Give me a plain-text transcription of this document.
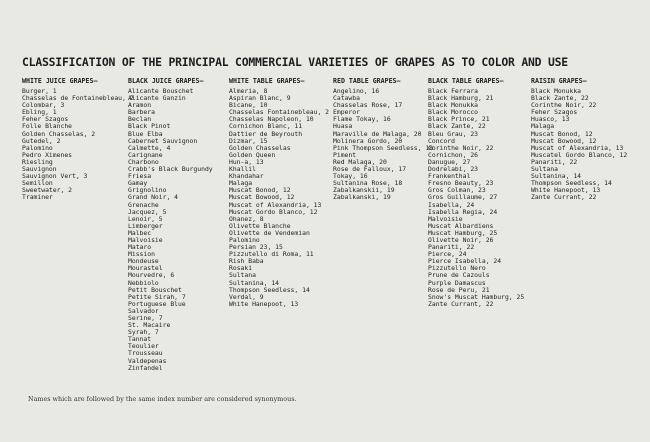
CLASSIFICATION OF THE PRINCIPAL COMMERCIAL VARIETIES OF GRAPES AS TO COLOR AND USE
WHITE JUICE GRAPES—
Burger, 1
Chasselas de Fontainebleau, 2
Colombar, 3
Ebling, 1
Feher Szagos
Folle Blanche
Golden Chasselas, 2
Gutedel, 2
Palomino
Pedro Ximenes
Riesling
Sauvignon
Sauvignon Vert, 3
Semillon
Sweetwater, 2
Traminer
BLACK JUICE GRAPES—
Alicante Bouschet
Alicante Ganzin
Aramon
Barbera
Beclan
Black Pinot
Blue Elba
Cabernet Sauvignon
Calmette, 4
Carignane
Charbono
Crabb's Black Burgundy
Friesa
Gamay
Grignolino
Grand Noir, 4
Grenache
Jacquez, 5
Lenoir, 5
Limberger
Malbec
Malvoisie
Mataro
Mission
Mondeuse
Mourastel
Mourvedre, 6
Nebbiolo
Petit Bouschet
Petite Sirah, 7
Portuguese Blue
Salvador
Serine, 7
St. Macaire
Syrah, 7
Tannat
Teoulier
Trousseau
Valdepenas
Zinfandel
WHITE TABLE GRAPES—
Almeria, 8
Aspiran Blanc, 9
Bicane, 10
Chasselas Fontainebleau, 2
Chasselas Napoleon, 10
Cornichon Blanc, 11
Dattier de Beyrouth
Dizmar, 15
Golden Chasselas
Golden Queen
Hun-a, 13
Khallil
Khandahar
Malaga
Muscat Bonod, 12
Muscat Bowood, 12
Muscat of Alexandria, 13
Muscat Gordo Blanco, 12
Ohanez, 8
Olivette Blanche
Olivette de Vendemian
Palomino
Persian 23, 15
Pizzutello di Roma, 11
Rish Baba
Rosaki
Sultana
Sultanina, 14
Thompson Seedless, 14
Verdal, 9
White Hanepoot, 13
RED TABLE GRAPES—
Angelino, 16
Catawba
Chasselas Rose, 17
Emperor
Flame Tokay, 16
Huasa
Maraville de Malaga, 20
Molinera Gordo, 20
Pink Thompson Seedless, 18
Piment
Red Malaga, 20
Rose de Falloux, 17
Tokay, 16
Sultanina Rose, 18
Zabalkanskii, 19
Zabalkanski, 19
BLACK TABLE GRAPES—
Black Ferrara
Black Hamburg, 21
Black Monukka
Black Morocco
Black Prince, 21
Black Zante, 22
Bleu Grau, 23
Concord
Corinthe Noir, 22
Cornichon, 26
Danugue, 27
Dodrelabi, 23
Frankenthal
Fresno Beauty, 23
Gros Colman, 23
Gros Guillaume, 27
Isabella, 24
Isabella Regia, 24
Malvoisie
Muscat Albardiens
Muscat Hamburg, 25
Olivette Noir, 26
Panariti, 22
Pierce, 24
Pierce Isabella, 24
Pizzutello Nero
Prune de Cazouls
Purple Damascus
Rose de Peru, 21
Snow's Muscat Hamburg, 25
Zante Currant, 22
RAISIN GRAPES—
Black Monukka
Black Zante, 22
Corinthe Noir, 22
Feher Szagos
Huasco, 13
Malaga
Muscat Bonod, 12
Muscat Bowood, 12
Muscat of Alexandria, 13
Muscatel Gordo Blanco, 12
Panariti, 22
Sultana
Sultanina, 14
Thompson Seedless, 14
White Hanepoot, 13
Zante Currant, 22
Names which are followed by the same index number are considered synonymous.
